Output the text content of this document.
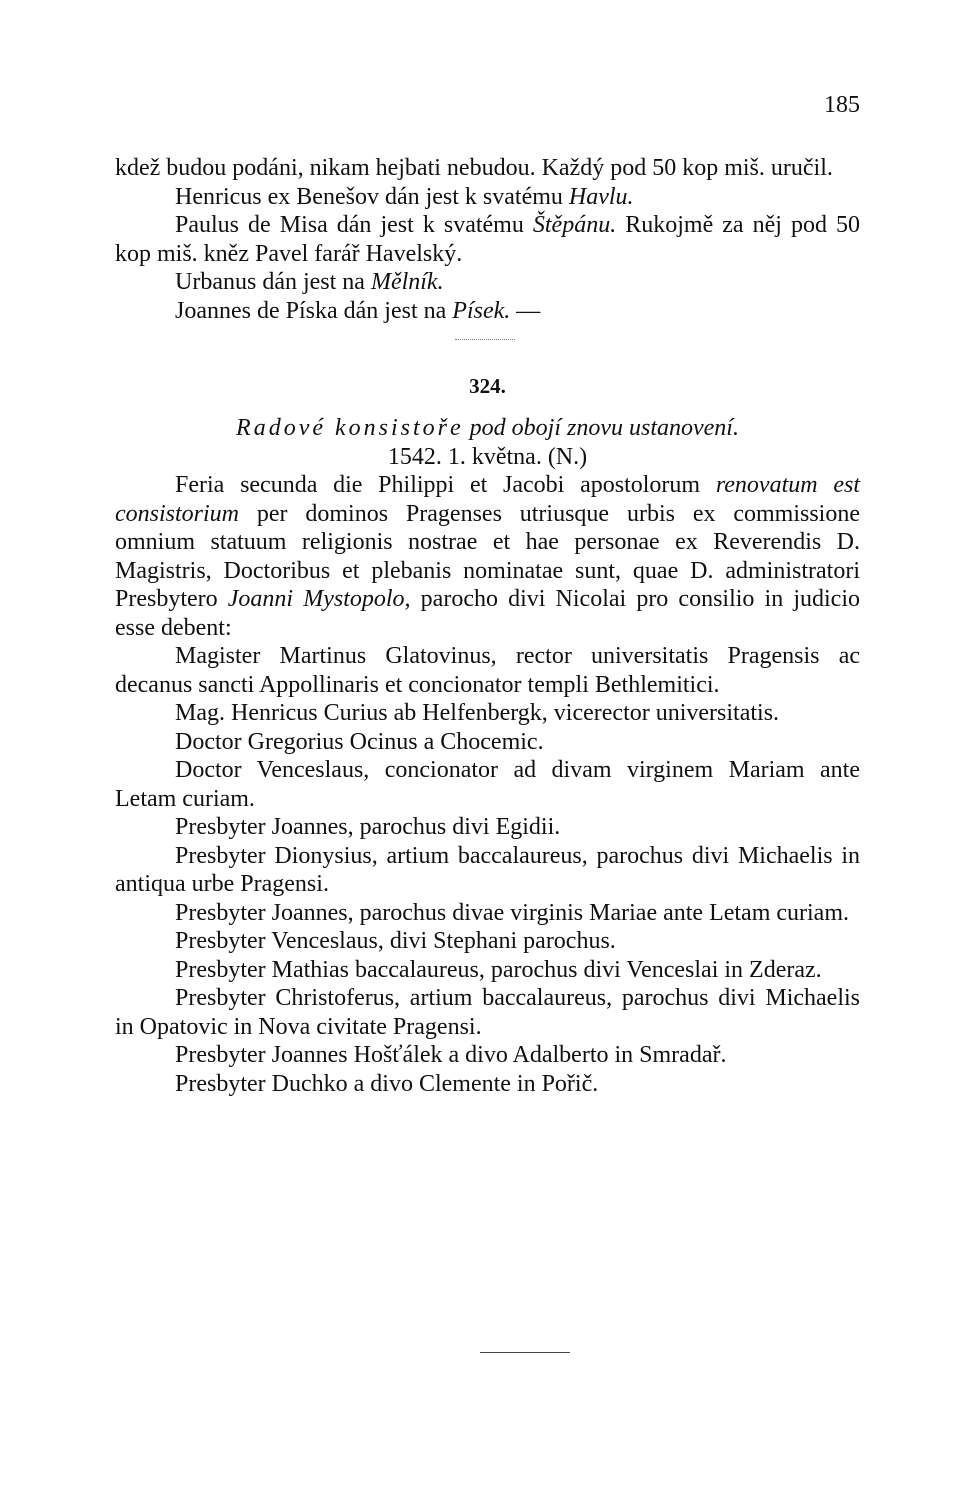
185

kdež budou podáni, nikam hejbati nebudou. Každý pod 50 kop miš. uručil.

Henricus ex Benešov dán jest k svatému Havlu.

Paulus de Misa dán jest k svatému Štěpánu. Rukojmě za něj pod 50 kop miš. kněz Pavel farář Havelský.

Urbanus dán jest na Mělník.

Joannes de Píska dán jest na Písek. —

324.

Radové konsistoře pod obojí znovu ustanovení.

1542. 1. května. (N.)

Feria secunda die Philippi et Jacobi apostolorum renovatum est consistorium per dominos Pragenses utriusque urbis ex commissione omnium statuum religionis nostrae et hae personae ex Reverendis D. Magistris, Doctoribus et plebanis nominatae sunt, quae D. administratori Presbytero Joanni Mystopolo, parocho divi Nicolai pro consilio in judicio esse debent:

Magister Martinus Glatovinus, rector universitatis Pragensis ac decanus sancti Appollinaris et concionator templi Bethlemitici.

Mag. Henricus Curius ab Helfenbergk, vicerector universitatis.

Doctor Gregorius Ocinus a Chocemic.

Doctor Venceslaus, concionator ad divam virginem Mariam ante Letam curiam.

Presbyter Joannes, parochus divi Egidii.

Presbyter Dionysius, artium baccalaureus, parochus divi Michaelis in antiqua urbe Pragensi.

Presbyter Joannes, parochus divae virginis Mariae ante Letam curiam.

Presbyter Venceslaus, divi Stephani parochus.

Presbyter Mathias baccalaureus, parochus divi Venceslai in Zderaz.

Presbyter Christoferus, artium baccalaureus, parochus divi Michaelis in Opatovic in Nova civitate Pragensi.

Presbyter Joannes Hošťálek a divo Adalberto in Smradař.

Presbyter Duchko a divo Clemente in Pořič.
